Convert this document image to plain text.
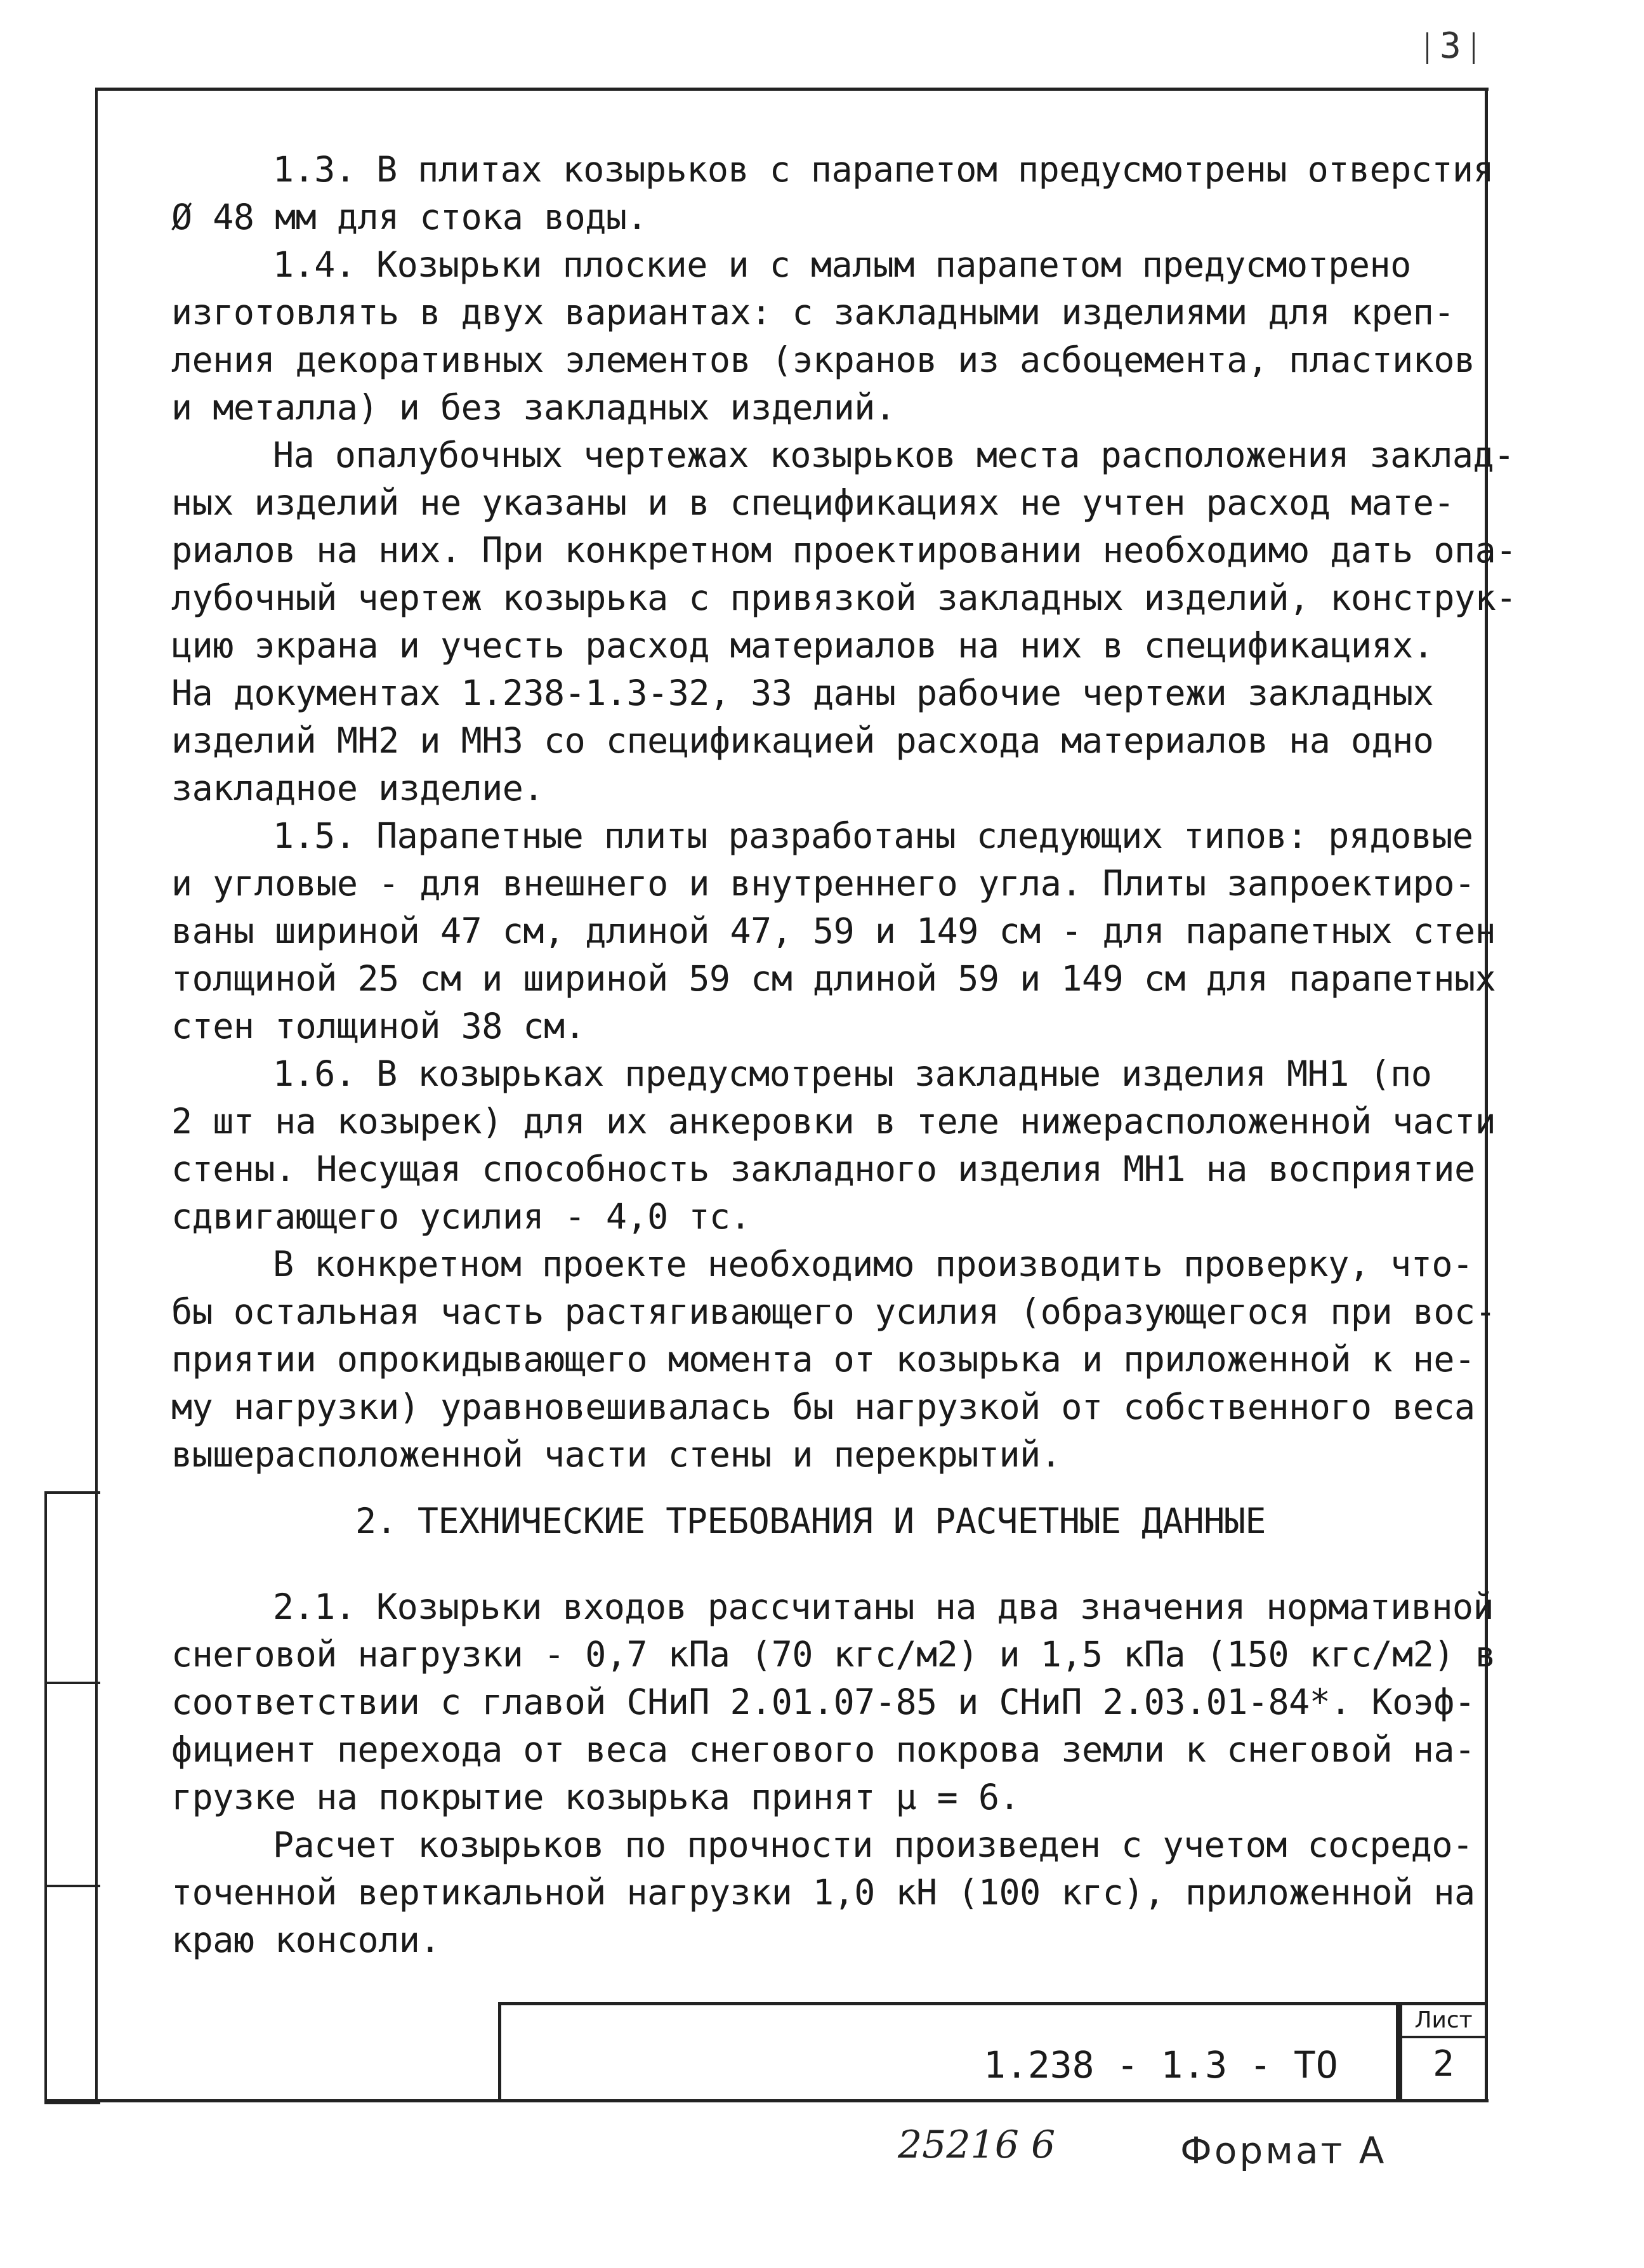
3
1.3. В плитах козырьков с парапетом предусмотрены отверстия
Ø 48 мм для стока воды.
1.4. Козырьки плоские и с малым парапетом предусмотрено
изготовлять в двух вариантах: с закладными изделиями для креп-
ления декоративных элементов (экранов из асбоцемента, пластиков
и металла) и без закладных изделий.
На опалубочных чертежах козырьков места расположения заклад-
ных изделий не указаны и в спецификациях не учтен расход мате-
риалов на них. При конкретном проектировании необходимо дать опа-
лубочный чертеж козырька с привязкой закладных изделий, конструк-
цию экрана и учесть расход материалов на них в спецификациях.
На документах 1.238-1.3-32, 33 даны рабочие чертежи закладных
изделий МН2 и МН3 со спецификацией расхода материалов на одно
закладное изделие.
1.5. Парапетные плиты разработаны следующих типов: рядовые
и угловые - для внешнего и внутреннего угла. Плиты запроектиро-
ваны шириной 47 см, длиной 47, 59 и 149 см - для парапетных стен
толщиной 25 см и шириной 59 см длиной 59 и 149 см для парапетных
стен толщиной 38 см.
1.6. В козырьках предусмотрены закладные изделия МН1 (по
2 шт на козырек) для их анкеровки в теле нижерасположенной части
стены. Несущая способность закладного изделия МН1 на восприятие
сдвигающего усилия - 4,0 тс.
В конкретном проекте необходимо производить проверку, что-
бы остальная часть растягивающего усилия (образующегося при вос-
приятии опрокидывающего момента от козырька и приложенной к не-
му нагрузки) уравновешивалась бы нагрузкой от собственного веса
вышерасположенной части стены и перекрытий.
2. ТЕХНИЧЕСКИЕ ТРЕБОВАНИЯ И РАСЧЕТНЫЕ ДАННЫЕ
2.1. Козырьки входов рассчитаны на два значения нормативной
снеговой нагрузки - 0,7 кПа (70 кгс/м2) и 1,5 кПа (150 кгс/м2) в
соответствии с главой СНиП 2.01.07-85 и СНиП 2.03.01-84*. Коэф-
фициент перехода от веса снегового покрова земли к снеговой на-
грузке на покрытие козырька принят μ = 6.
Расчет козырьков по прочности произведен с учетом сосредо-
точенной вертикальной нагрузки 1,0 кН (100 кгс), приложенной на
краю консоли.
1.238 - 1.3 - ТО
Лист
2
25216 6	Формат А
